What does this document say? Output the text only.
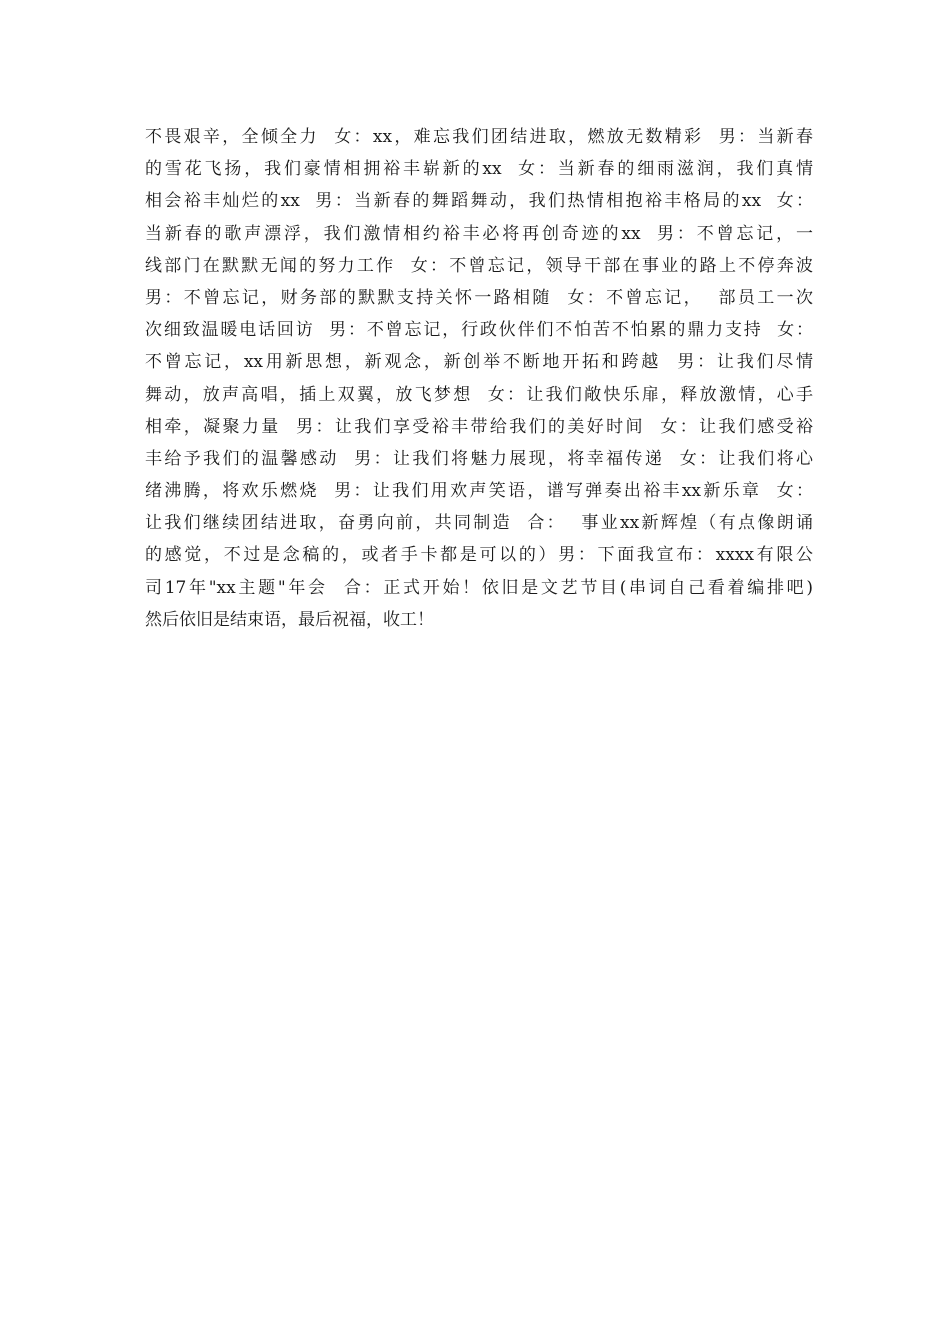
不畏艰辛，全倾全力  女：xx，难忘我们团结进取，燃放无数精彩  男：当新春
的雪花飞扬，我们豪情相拥裕丰崭新的xx  女：当新春的细雨滋润，我们真情
相会裕丰灿烂的xx  男：当新春的舞蹈舞动，我们热情相抱裕丰格局的xx  女：
当新春的歌声漂浮，我们激情相约裕丰必将再创奇迹的xx  男：不曾忘记，一
线部门在默默无闻的努力工作  女：不曾忘记，领导干部在事业的路上不停奔波
男：不曾忘记，财务部的默默支持关怀一路相随  女：不曾忘记，  部员工一次
次细致温暖电话回访  男：不曾忘记，行政伙伴们不怕苦不怕累的鼎力支持  女：
不曾忘记，xx用新思想，新观念，新创举不断地开拓和跨越  男：让我们尽情
舞动，放声高唱，插上双翼，放飞梦想  女：让我们敞快乐扉，释放激情，心手
相牵，凝聚力量  男：让我们享受裕丰带给我们的美好时间  女：让我们感受裕
丰给予我们的温馨感动  男：让我们将魅力展现，将幸福传递  女：让我们将心
绪沸腾，将欢乐燃烧  男：让我们用欢声笑语，谱写弹奏出裕丰xx新乐章  女：
让我们继续团结进取，奋勇向前，共同制造  合：  事业xx新辉煌（有点像朗诵
的感觉，不过是念稿的，或者手卡都是可以的）男：下面我宣布：xxxx有限公
司17年"xx主题"年会  合：正式开始！依旧是文艺节目(串词自己看着编排吧)
然后依旧是结束语，最后祝福，收工！
